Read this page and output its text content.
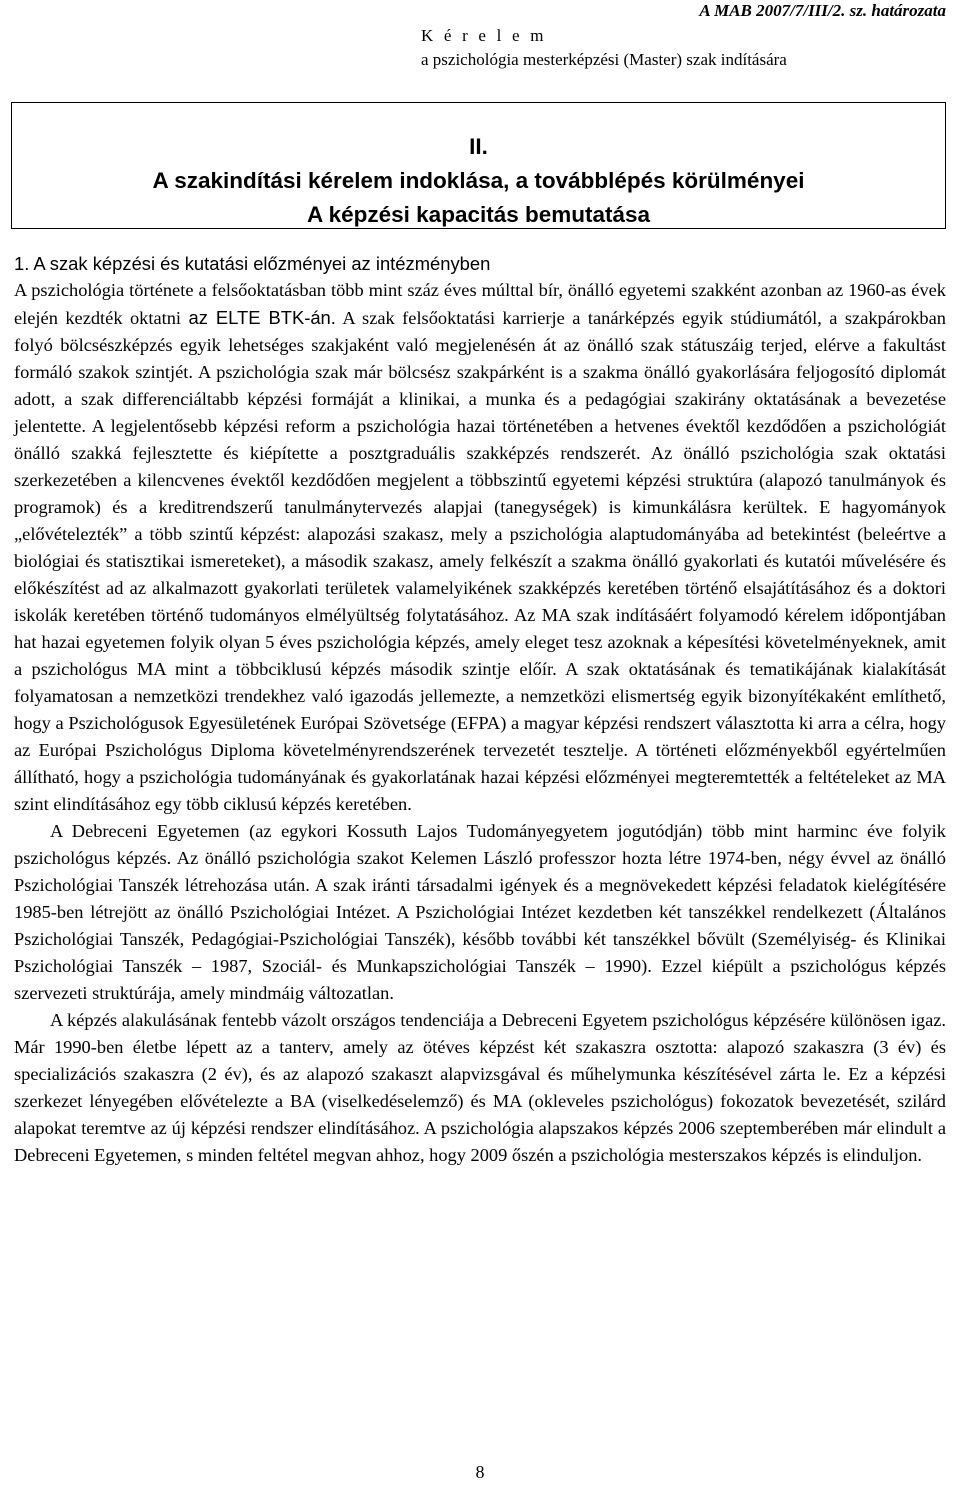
K é r e l e m
a pszichológia mesterképzési (Master) szak indítására
A MAB 2007/7/III/2. sz. határozata
II.
A szakindítási kérelem indoklása, a továbblépés körülményei
A képzési kapacitás bemutatása

1. A szak képzési és kutatási előzményei az intézményben

A pszichológia története a felsőoktatásban több mint száz éves múlttal bír, önálló egyetemi szakként azonban az 1960-as évek elején kezdték oktatni az ELTE BTK-án. A szak felsőoktatási karrierje a tanárképzés egyik stúdiumától, a szakpárokban folyó bölcsészképzés egyik lehetséges szakjaként való megjelenésén át az önálló szak státuszáig terjed, elérve a fakultást formáló szakok szintjét. A pszichológia szak már bölcsész szakpárként is a szakma önálló gyakorlására feljogosító diplomát adott, a szak differenciáltabb képzési formáját a klinikai, a munka és a pedagógiai szakirány oktatásának a bevezetése jelentette. A legjelentősebb képzési reform a pszichológia hazai történetében a hetvenes évektől kezdődően a pszichológiát önálló szakká fejlesztette és kiépítette a posztgraduális szakképzés rendszerét. Az önálló pszichológia szak oktatási szerkezetében a kilencvenes évektől kezdődően megjelent a többszintű egyetemi képzési struktúra (alapozó tanulmányok és programok) és a kreditrendszerű tanulmánytervezés alapjai (tanegységek) is kimunkálásra kerültek. E hagyományok „elővételezték” a több szintű képzést: alapozási szakasz, mely a pszichológia alaptudományába ad betekintést (beleértve a biológiai és statisztikai ismereteket), a második szakasz, amely felkészít a szakma önálló gyakorlati és kutatói művelésére és előkészítést ad az alkalmazott gyakorlati területek valamelyikének szakképzés keretében történő elsajátításához és a doktori iskolák keretében történő tudományos elmélyültség folytatásához. Az MA szak indításáért folyamodó kérelem időpontjában hat hazai egyetemen folyik olyan 5 éves pszichológia képzés, amely eleget tesz azoknak a képesítési követelményeknek, amit a pszichológus MA mint a többciklusú képzés második szintje előír. A szak oktatásának és tematikájának kialakítását folyamatosan a nemzetközi trendekhez való igazodás jellemezte, a nemzetközi elismertség egyik bizonyítékaként említhető, hogy a Pszichológusok Egyesületének Európai Szövetsége (EFPA) a magyar képzési rendszert választotta ki arra a célra, hogy az Európai Pszichológus Diploma követelményrendszerének tervezetét tesztelje. A történeti előzményekből egyértelműen állítható, hogy a pszichológia tudományának és gyakorlatának hazai képzési előzményei megteremtették a feltételeket az MA szint elindításához egy több ciklusú képzés keretében.

A Debreceni Egyetemen (az egykori Kossuth Lajos Tudományegyetem jogutódján) több mint harminc éve folyik pszichológus képzés. Az önálló pszichológia szakot Kelemen László professzor hozta létre 1974-ben, négy évvel az önálló Pszichológiai Tanszék létrehozása után. A szak iránti társadalmi igények és a megnövekedett képzési feladatok kielégítésére 1985-ben létrejött az önálló Pszichológiai Intézet. A Pszichológiai Intézet kezdetben két tanszékkel rendelkezett (Általános Pszichológiai Tanszék, Pedagógiai-Pszichológiai Tanszék), később további két tanszékkel bővült (Személyiség- és Klinikai Pszichológiai Tanszék – 1987, Szociál- és Munkapszichológiai Tanszék – 1990). Ezzel kiépült a pszichológus képzés szervezeti struktúrája, amely mindmáig változatlan.

A képzés alakulásának fentebb vázolt országos tendenciája a Debreceni Egyetem pszichológus képzésére különösen igaz. Már 1990-ben életbe lépett az a tanterv, amely az ötéves képzést két szakaszra osztotta: alapozó szakaszra (3 év) és specializációs szakaszra (2 év), és az alapozó szakaszt alapvizsgával és műhelymunka készítésével zárta le. Ez a képzési szerkezet lényegében elővételezte a BA (viselkedéselemző) és MA (okleveles pszichológus) fokozatok bevezetését, szilárd alapokat teremtve az új képzési rendszer elindításához. A pszichológia alapszakos képzés 2006 szeptemberében már elindult a Debreceni Egyetemen, s minden feltétel megvan ahhoz, hogy 2009 őszén a pszichológia mesterszakos képzés is elinduljon.

8
